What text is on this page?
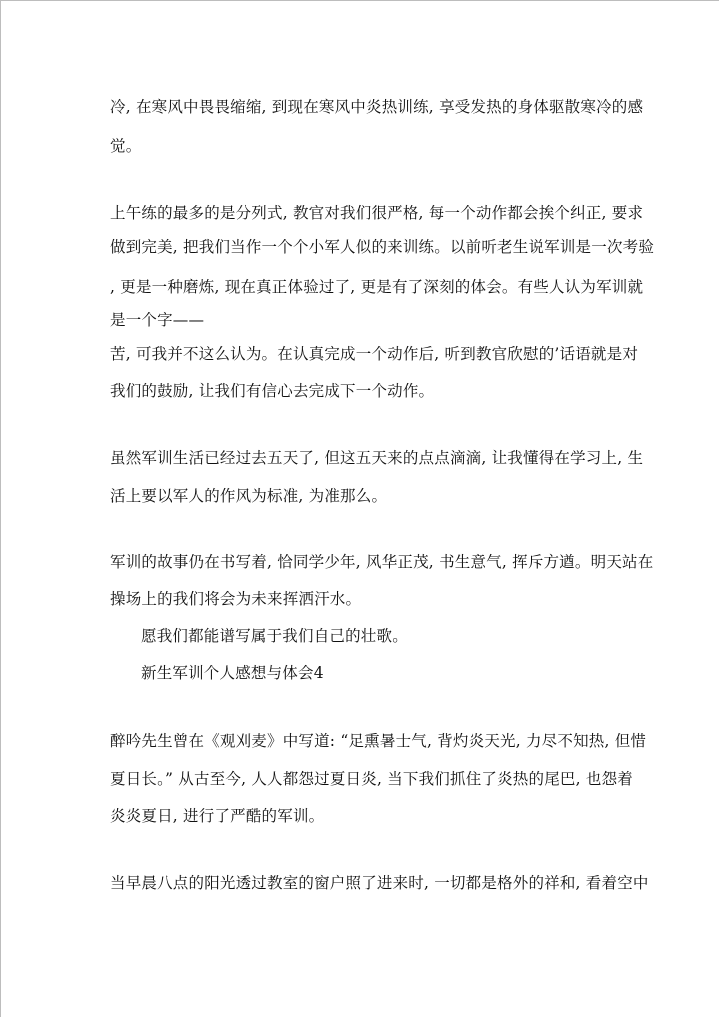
冷, 在寒风中畏畏缩缩, 到现在寒风中炎热训练, 享受发热的身体驱散寒冷的感
觉。
上午练的最多的是分列式, 教官对我们很严格, 每一个动作都会挨个纠正, 要求
做到完美, 把我们当作一个个小军人似的来训练。以前听老生说军训是一次考验
, 更是一种磨炼, 现在真正体验过了, 更是有了深刻的体会。有些人认为军训就
是一个字——
苦, 可我并不这么认为。在认真完成一个动作后, 听到教官欣慰的’话语就是对
我们的鼓励, 让我们有信心去完成下一个动作。
虽然军训生活已经过去五天了, 但这五天来的点点滴滴, 让我懂得在学习上, 生
活上要以军人的作风为标准, 为准那么。
军训的故事仍在书写着, 恰同学少年, 风华正茂, 书生意气, 挥斥方遒。明天站在
操场上的我们将会为未来挥洒汗水。
愿我们都能谱写属于我们自己的壮歌。
新生军训个人感想与体会4
醉吟先生曾在《观刈麦》中写道: “足熏暑士气, 背灼炎天光, 力尽不知热, 但惜
夏日长。” 从古至今, 人人都怨过夏日炎, 当下我们抓住了炎热的尾巴, 也怨着
炎炎夏日, 进行了严酷的军训。
当早晨八点的阳光透过教室的窗户照了进来时, 一切都是格外的祥和, 看着空中
